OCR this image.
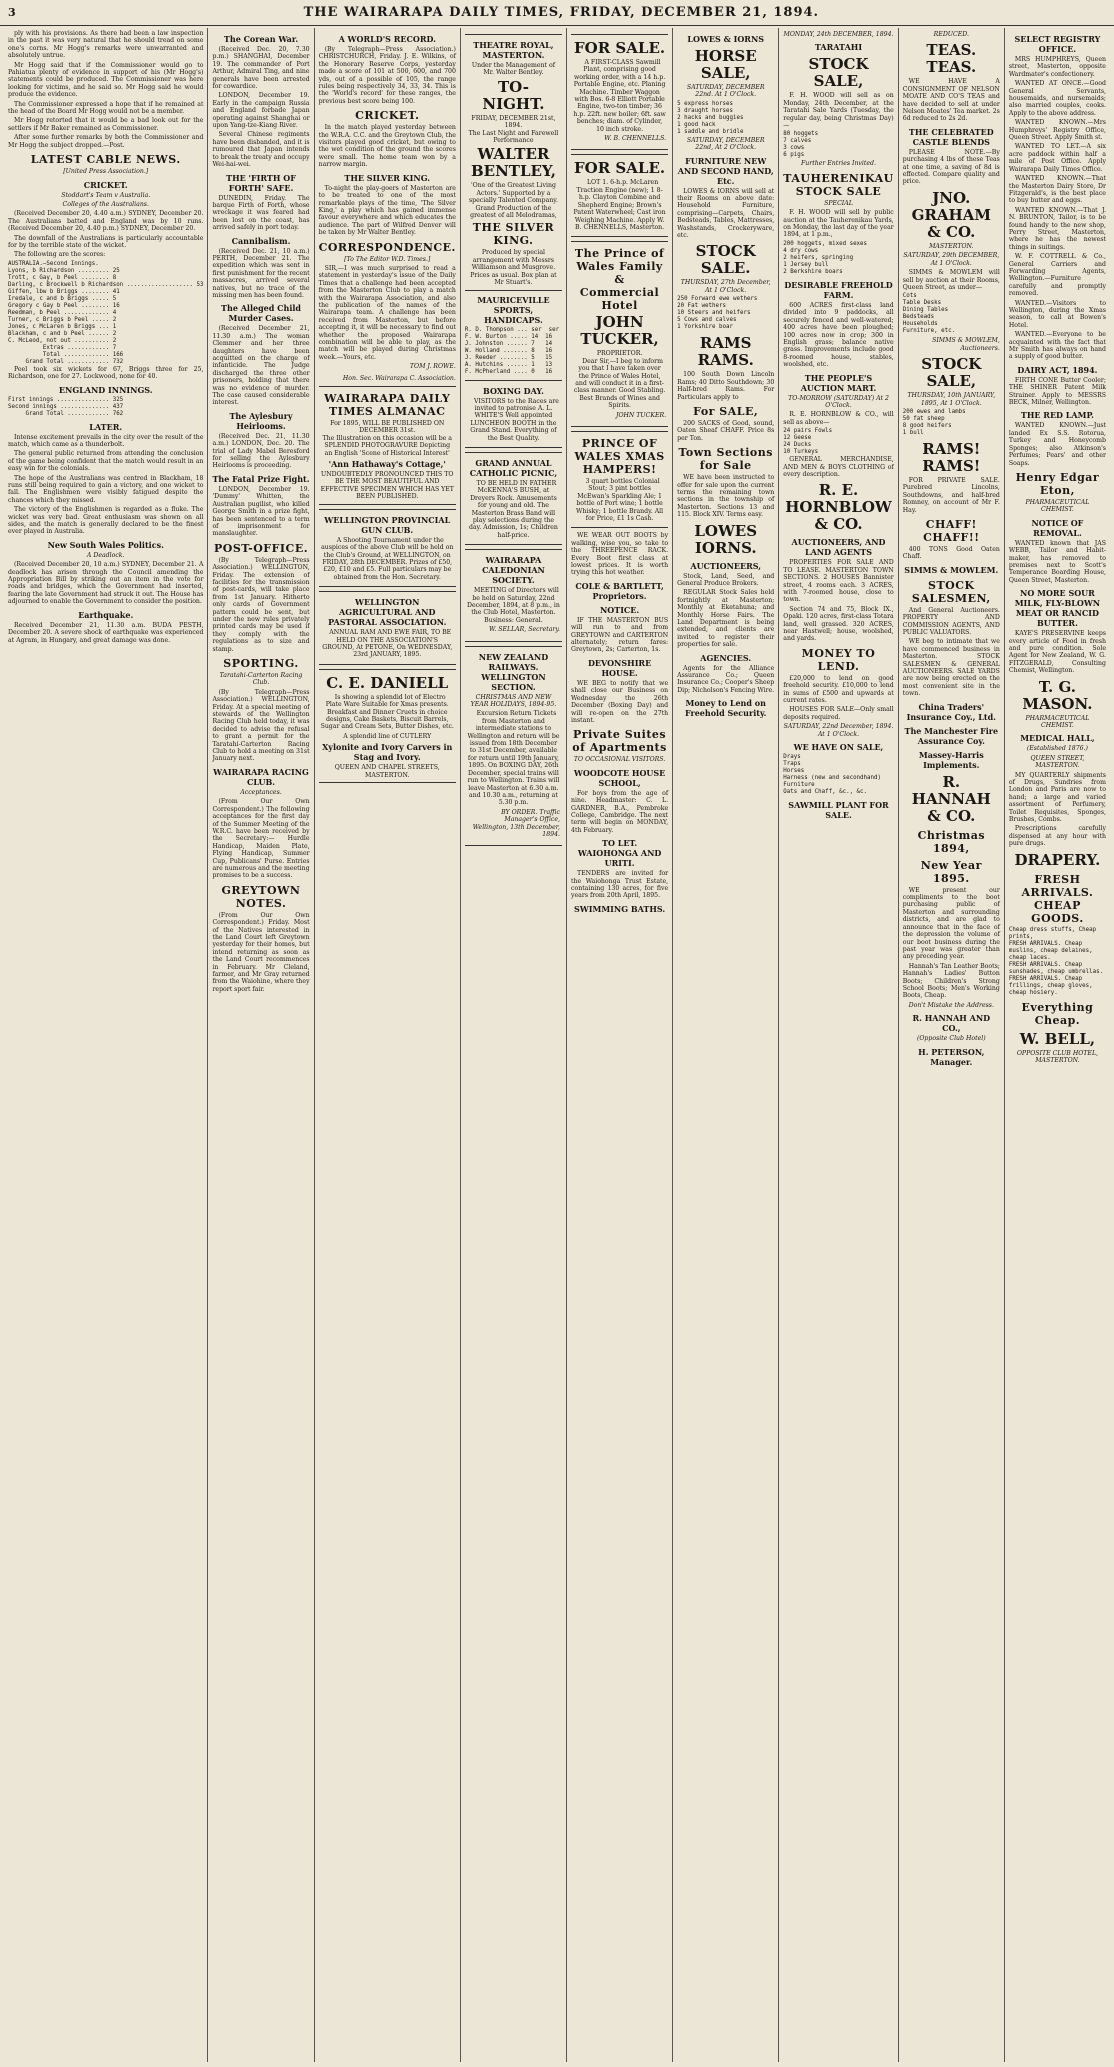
3	THE WAIRARAPA DAILY TIMES, FRIDAY, DECEMBER 21, 1894.

ply with his provisions. As there had been a law inspection in the past it was very natural that he should tread on some one's corns. Mr Hogg's remarks were unwarranted and absolutely untrue.

Mr Hogg said that if the Commissioner would go to Pahiatua plenty of evidence in support of his (Mr Hogg's) statements could be produced. The Commissioner was here looking for victims, and he said so. Mr Hogg said he would produce the evidence.

The Commissioner expressed a hope that if he remained at the head of the Board Mr Hogg would not be a member.

Mr Hogg retorted that it would be a bad look out for the settlers if Mr Baker remained as Commissioner.

After some further remarks by both the Commissioner and Mr Hogg the subject dropped.—Post.

LATEST CABLE NEWS.
[United Press Association.]
CRICKET.
Stoddart's Team v Australia.
Colleges of the Australians.

(Received December 20, 4.40 a.m.) SYDNEY, December 20. The Australians batted and England was by 10 runs. (Received December 20, 4.40 p.m.) SYDNEY, December 20.

The downfall of the Australians is particularly accountable for by the terrible state of the wicket.

The following are the scores:

AUSTRALIA.—Second Innings.
Lyons, b Richardson ......... 25
Trott, c Gay, b Peel ........ 8
Darling, c Brockwell b Richardson ................... 53
Giffen, lbw b Briggs ........ 41
Iredale, c and b Briggs ..... 5
Gregory c Gay b Peel ........ 16
Reedman, b Peel ............. 4
Turner, c Briggs b Peel ..... 2
Jones, c McLaren b Briggs ... 1
Blackham, c and b Peel ...... 2
C. McLeod, not out .......... 2
Extras ............ 7
Total ............. 166
Grand Total ............ 732

Peel took six wickets for 67, Briggs three for 25, Richardson, one for 27. Lockwood, none for 40.

ENGLAND INNINGS.
First innings ............... 325
Second innings .............. 437
Grand Total ............ 762
LATER.

Intense excitement prevails in the city over the result of the match, which came as a thunderbolt.

The general public returned from attending the conclusion of the game being confident that the match would result in an easy win for the colonials.

The hope of the Australians was centred in Blackham, 18 runs still being required to gain a victory, and one wicket to fall. The Englishmen were visibly fatigued despite the chances which they missed.

The victory of the Englishmen is regarded as a fluke. The wicket was very bad. Great enthusiasm was shown on all sides, and the match is generally declared to be the finest ever played in Australia.

New South Wales Politics.
A Deadlock.

(Received December 20, 10 a.m.) SYDNEY, December 21. A deadlock has arisen through the Council amending the Appropriation Bill by striking out an item in the vote for roads and bridges, which the Government had inserted, fearing the late Government had struck it out. The House has adjourned to enable the Government to consider the position.

Earthquake.

Received December 21, 11.30 a.m. BUDA PESTH, December 20. A severe shock of earthquake was experienced at Agram, in Hungary, and great damage was done.

The Corean War.

(Received Dec. 20, 7.30 p.m.) SHANGHAI, December 19. The commander of Port Arthur, Admiral Ting, and nine generals have been arrested for cowardice.

LONDON, December 19. Early in the campaign Russia and England forbade Japan operating against Shanghai or upon Yang-tze-Kiang River.

Several Chinese regiments have been disbanded, and it is rumoured that Japan intends to break the treaty and occupy Wei-hai-wei.

THE 'FIRTH OF FORTH' SAFE.

DUNEDIN, Friday. The barque Firth of Forth, whose wreckage it was feared had been lost on the coast, has arrived safely in port today.

Cannibalism.

(Received Dec. 21, 10 a.m.) PERTH, December 21. The expedition which was sent in first punishment for the recent massacres, arrived several natives, but no trace of the missing men has been found.

The Alleged Child Murder Cases.

(Received December 21, 11.30 a.m.) The woman Clemmer and her three daughters have been acquitted on the charge of infanticide. The Judge discharged the three other prisoners, holding that there was no evidence of murder. The case caused considerable interest.

The Aylesbury Heirlooms.

(Received Dec. 21, 11.30 a.m.) LONDON, Dec. 20. The trial of Lady Mabel Beresford for selling the Aylesbury Heirlooms is proceeding.

The Fatal Prize Fight.

LONDON, December 19. 'Dummy' Whitten, the Australian pugilist, who killed George Smith in a prize fight, has been sentenced to a term of imprisonment for manslaughter.

POST-OFFICE.

(By Telegraph—Press Association.) WELLINGTON, Friday. The extension of facilities for the transmission of post-cards, will take place from 1st January. Hitherto only cards of Government pattern could be sent, but under the new rules privately printed cards may be used if they comply with the regulations as to size and stamp.

SPORTING.
Taratahi-Carterton Racing Club.

(By Telegraph—Press Association.) WELLINGTON, Friday. At a special meeting of stewards of the Wellington Racing Club held today, it was decided to advise the refusal to grant a permit for the Taratahi-Carterton Racing Club to hold a meeting on 31st January next.

WAIRARAPA RACING CLUB.
Acceptances.

(From Our Own Correspondent.) The following acceptances for the first day of the Summer Meeting of the W.R.C. have been received by the Secretary:— Hurdle Handicap, Maiden Plate, Flying Handicap, Summer Cup, Publicans' Purse. Entries are numerous and the meeting promises to be a success.

GREYTOWN NOTES.

(From Our Own Correspondent.) Friday. Most of the Natives interested in the Land Court left Greytown yesterday for their homes, but intend returning as soon as the Land Court recommences in February. Mr Cleland, farmer, and Mr Gray returned from the Waiohine, where they report sport fair.

A WORLD'S RECORD.

(By Telegraph—Press Association.) CHRISTCHURCH, Friday. J. E. Wilkins, of the Honorary Reserve Corps, yesterday made a score of 101 at 500, 600, and 700 yds, out of a possible of 105, the range rules being respectively 34, 33, 34. This is the 'World's record' for these ranges, the previous best score being 100.

CRICKET.

In the match played yesterday between the W.R.A. C.C. and the Greytown Club, the visitors played good cricket, but owing to the wet condition of the ground the scores were small. The home team won by a narrow margin.

THE SILVER KING.

To-night the play-goers of Masterton are to be treated to one of the most remarkable plays of the time, 'The Silver King,' a play which has gained immense favour everywhere and which educates the audience. The part of Wilfred Denver will be taken by Mr Walter Bentley.

CORRESPONDENCE.
[To The Editor W.D. Times.]

SIR,—I was much surprised to read a statement in yesterday's issue of the Daily Times that a challenge had been accepted from the Masterton Club to play a match with the Wairarapa Association, and also the publication of the names of the Wairarapa team. A challenge has been received from Masterton, but before accepting it, it will be necessary to find out whether the proposed Wairarapa combination will be able to play, as the match will be played during Christmas week.—Yours, etc.

TOM J. ROWE.
Hon. Sec. Wairarapa C. Association.
WAIRARAPA DAILY TIMES ALMANAC
For 1895, WILL BE PUBLISHED ON DECEMBER 31st.
The Illustration on this occasion will be a SPLENDID PHOTOGRAVURE Depicting an English 'Scene of Historical Interest'
'Ann Hathaway's Cottage,'
UNDOUBTEDLY PRONOUNCED THIS TO BE THE MOST BEAUTIFUL AND EFFECTIVE SPECIMEN WHICH HAS YET BEEN PUBLISHED.
WELLINGTON PROVINCIAL GUN CLUB.

A Shooting Tournament under the auspices of the above Club will be held on the Club's Ground, at WELLINGTON, on FRIDAY, 28th DECEMBER. Prizes of £50, £20, £10 and £5. Full particulars may be obtained from the Hon. Secretary.

WELLINGTON AGRICULTURAL AND PASTORAL ASSOCIATION.

ANNUAL RAM AND EWE FAIR, TO BE HELD ON THE ASSOCIATION'S GROUND, At PETONE, On WEDNESDAY, 23rd JANUARY, 1895.

C. E. DANIELL

Is showing a splendid lot of Electro Plate Ware Suitable for Xmas presents. Breakfast and Dinner Cruets in choice designs, Cake Baskets, Biscuit Barrels, Sugar and Cream Sets, Butter Dishes, etc.

A splendid line of CUTLERY
Xylonite and Ivory Carvers in Stag and Ivory.
QUEEN AND CHAPEL STREETS, MASTERTON.
THEATRE ROYAL, MASTERTON.
Under the Management of Mr. Walter Bentley.
TO-NIGHT.
FRIDAY, DECEMBER 21st, 1894.
The Last Night and Farewell Performance
WALTER BENTLEY,
'One of the Greatest Living Actors.' Supported by a specially Talented Company. Grand Production of the greatest of all Melodramas,
THE SILVER KING.
Produced by special arrangement with Messrs Williamson and Musgrove. Prices as usual. Box plan at Mr Stuart's.
MAURICEVILLE SPORTS, HANDICAPS.
R. D. Thompson ... ser  ser
F. W. Burton ..... 14  16
J. Johnston ...... 7   14
W. Holland ....... 8   16
J. Reeder ........ 5   15
A. Hutchins ...... 1   13
F. McPherland .... 0   16
BOXING DAY.

VISITORS to the Races are invited to patronise A. L. WHITE'S Well appointed LUNCHEON BOOTH in the Grand Stand. Everything of the Best Quality.

GRAND ANNUAL CATHOLIC PICNIC,

TO BE HELD IN FATHER McKENNA'S BUSH, at Dreyers Rock. Amusements for young and old. The Masterton Brass Band will play selections during the day. Admission, 1s; Children half-price.

WAIRARAPA CALEDONIAN SOCIETY.

MEETING of Directors will be held on Saturday, 22nd December, 1894, at 8 p.m., in the Club Hotel, Masterton. Business: General.

W. SELLAR, Secretary.
NEW ZEALAND RAILWAYS. WELLINGTON SECTION.
CHRISTMAS AND NEW YEAR HOLIDAYS, 1894-95.

Excursion Return Tickets from Masterton and intermediate stations to Wellington and return will be issued from 18th December to 31st December, available for return until 19th January, 1895. On BOXING DAY, 26th December, special trains will run to Wellington. Trains will leave Masterton at 6.30 a.m. and 10.30 a.m., returning at 5.30 p.m.

BY ORDER. Traffic Manager's Office, Wellington, 13th December, 1894.
FOR SALE.

A FIRST-CLASS Sawmill Plant, comprising good working order, with a 14 h.p. Portable Engine, etc. Planing Machine. Timber Waggon with Bos. 6-8 Elliott Portable Engine, two-ton timber; 36 h.p. 22ft. new boiler; 6ft. saw benches; diam. of Cylinder, 10 inch stroke.

W. B. CHENNELLS.
FOR SALE.

LOT 1. 6-h.p. McLaren Traction Engine (new); 1 8-h.p. Clayton Combine and Shepherd Engine; Brown's Patent Waterwheel; Cast iron Weighing Machine. Apply W. B. CHENNELLS, Masterton.

The Prince of Wales Family & Commercial Hotel
JOHN TUCKER,
PROPRIETOR.

Dear Sir,—I beg to inform you that I have taken over the Prince of Wales Hotel, and will conduct it in a first-class manner. Good Stabling. Best Brands of Wines and Spirits.

JOHN TUCKER.
PRINCE OF WALES XMAS HAMPERS!

3 quart bottles Colonial Stout; 3 pint bottles McEwan's Sparkling Ale; 1 bottle of Port wine; 1 bottle Whisky; 1 bottle Brandy. All for Price, £1 1s Cash.

WE WEAR OUT BOOTS by walking, wise you, so take to the THREEPENCE RACK. Every Boot first class at lowest prices. It is worth trying this hot weather.

COLE & BARTLETT, Proprietors.
NOTICE.

IF THE MASTERTON BUS will run to and from GREYTOWN and CARTERTON alternately; return fares: Greytown, 2s; Carterton, 1s.

DEVONSHIRE HOUSE.

WE BEG to notify that we shall close our Business on Wednesday the 26th December (Boxing Day) and will re-open on the 27th instant.

Private Suites of Apartments
TO OCCASIONAL VISITORS.
WOODCOTE HOUSE SCHOOL,

For boys from the age of nine. Headmaster: C. L. GARDNER, B.A., Pembroke College, Cambridge. The next term will begin on MONDAY, 4th February.

TO LET. WAIOHONGA AND URITI.

TENDERS are invited for the Waiohonga Trust Estate, containing 130 acres, for five years from 20th April, 1895.

SWIMMING BATHS.
LOWES & IORNS
HORSE SALE,
SATURDAY, DECEMBER 22nd. At 1 O'Clock.
5 express horses
3 draught horses
2 hacks and buggies
1 good hack
1 saddle and bridle
SATURDAY, DECEMBER 22nd, At 2 O'Clock.
FURNITURE NEW AND SECOND HAND, Etc.

LOWES & IORNS will sell at their Rooms on above date: Household Furniture, comprising—Carpets, Chairs, Bedsteads, Tables, Mattresses, Washstands, Crockeryware, etc.

STOCK SALE.
THURSDAY, 27th December, At 1 O'Clock.
250 Forward ewe wethers
20 Fat wethers
10 Steers and heifers
5 Cows and calves
1 Yorkshire boar
RAMS RAMS.

100 South Down Lincoln Rams; 40 Ditto Southdown; 30 Half-bred Rams. For Particulars apply to

For SALE,

200 SACKS of Good, sound, Oaten Sheaf CHAFF. Price 8s per Ton.

Town Sections for Sale

WE have been instructed to offer for sale upon the current terms the remaining town sections in the township of Masterton. Sections 13 and 115. Block XIV. Terms easy.

LOWES IORNS.
AUCTIONEERS,

Stock, Land, Seed, and General Produce Brokers.

REGULAR Stock Sales held fortnightly at Masterton; Monthly at Eketahuna; and Monthly Horse Fairs. The Land Department is being extended, and clients are invited to register their properties for sale.

AGENCIES.

Agents for the Alliance Assurance Co.; Queen Insurance Co.; Cooper's Sheep Dip; Nicholson's Fencing Wire.

Money to Lend on Freehold Security.
MONDAY, 24th DECEMBER, 1894.
TARATAHI
STOCK SALE,

F. H. WOOD will sell as on Monday, 24th December, at the Taratahi Sale Yards (Tuesday, the regular day, being Christmas Day)—

80 hoggets
7 calves
3 cows
6 pigs
Further Entries Invited.
TAUHERENIKAU STOCK SALE
SPECIAL

F. H. WOOD will sell by public auction at the Tauherenikau Yards, on Monday, the last day of the year 1894, at 1 p.m.,

200 hoggets, mixed sexes
4 dry cows
2 heifers, springing
1 Jersey bull
2 Berkshire boars
DESIRABLE FREEHOLD FARM.

600 ACRES first-class land divided into 9 paddocks, all securely fenced and well-watered; 400 acres have been ploughed; 100 acres now in crop; 300 in English grass; balance native grass. Improvements include good 8-roomed house, stables, woolshed, etc.

THE PEOPLE'S AUCTION MART.
TO-MORROW (SATURDAY) At 2 O'Clock.

R. E. HORNBLOW & CO., will sell as above—

24 pairs Fowls
12 Geese
24 Ducks
10 Turkeys

GENERAL MERCHANDISE, AND MEN & BOYS CLOTHING of every description.

R. E. HORNBLOW & CO.
AUCTIONEERS, AND LAND AGENTS

PROPERTIES FOR SALE AND TO LEASE. MASTERTON TOWN SECTIONS. 2 HOUSES Bannister street, 4 rooms each. 3 ACRES, with 7-roomed house, close to town.

Section 74 and 75, Block IX., Opaki. 120 acres, first-class Totara land, well grassed. 320 ACRES, near Hastwell; house, woolshed, and yards.

MONEY TO LEND.

£20,000 to lend on good freehold security. £10,000 to lend in sums of £500 and upwards at current rates.

HOUSES FOR SALE—Only small deposits required.

SATURDAY, 22nd December, 1894. At 1 O'Clock.
WE HAVE ON SALE,
Drays
Traps
Horses
Harness (new and secondhand)
Furniture
Oats and Chaff, &c., &c.
SAWMILL PLANT FOR SALE.
REDUCED.
TEAS. TEAS.

WE HAVE A CONSIGNMENT OF NELSON MOATE AND CO'S TEAS and have decided to sell at under Nelson Moates' Tea market. 2s 6d reduced to 2s 2d.

THE CELEBRATED CASTLE BLENDS

PLEASE NOTE.—By purchasing 4 lbs of these Teas at one time, a saving of 8d is effected. Compare quality and price.

JNO. GRAHAM & CO.
MASTERTON.
SATURDAY, 29th DECEMBER, At 1 O'Clock.

SIMMS & MOWLEM will sell by auction at their Rooms, Queen Street, as under—

Cots
Table Desks
Dining Tables
Bedsteads
Households
Furniture, etc.
SIMMS & MOWLEM, Auctioneers.
STOCK SALE,
THURSDAY, 10th JANUARY, 1895, At 1 O'Clock.
200 ewes and lambs
50 fat sheep
8 good heifers
1 bull
RAMS! RAMS!

FOR PRIVATE SALE. Purebred Lincolns, Southdowns, and half-bred Romney, on account of Mr F. Hay.

CHAFF! CHAFF!!

400 TONS Good Oaten Chaff.

SIMMS & MOWLEM.
STOCK SALESMEN,

And General Auctioneers. PROPERTY AND COMMISSION AGENTS, AND PUBLIC VALUATORS.

WE beg to intimate that we have commenced business in Masterton. STOCK SALESMEN & GENERAL AUCTIONEERS. SALE YARDS are now being erected on the most convenient site in the town.

China Traders' Insurance Coy., Ltd.
The Manchester Fire Assurance Coy.
Massey-Harris Implements.
R. HANNAH & CO.
Christmas 1894,
New Year 1895.

WE present our compliments to the boot purchasing public of Masterton and surrounding districts, and are glad to announce that in the face of the depression the volume of our boot business during the past year was greater than any preceding year.

Hannah's Tan Leather Boots; Hannah's Ladies' Button Boots; Children's Strong School Boots; Men's Working Boots, Cheap.

Don't Mistake the Address.
R. HANNAH AND CO.,
(Opposite Club Hotel)
H. PETERSON, Manager.
SELECT REGISTRY OFFICE.

MRS HUMPHREYS, Queen street, Masterton, opposite Wardmater's confectionery.

WANTED AT ONCE.—Good General Servants, housemaids, and nursemaids; also married couples, cooks. Apply to the above address.

WANTED KNOWN.—Mrs Humphreys' Registry Office, Queen Street. Apply Smith st.

WANTED TO LET.—A six acre paddock within half a mile of Post Office. Apply Wairarapa Daily Times Office.

WANTED KNOWN.—That the Masterton Dairy Store, Dr Fitzgerald's, is the best place to buy butter and eggs.

WANTED KNOWN.—That J. N. BRUNTON, Tailor, is to be found handy to the new shop, Perry Street, Masterton, where he has the newest things in suitings.

W. F. COTTRELL & Co., General Carriers and Forwarding Agents, Wellington.—Furniture carefully and promptly removed.

WANTED.—Visitors to Wellington, during the Xmas season, to call at Bowen's Hotel.

WANTED.—Everyone to be acquainted with the fact that Mr Smith has always on hand a supply of good butter.

DAIRY ACT, 1894.

FIRTH CONE Butter Cooler; THE SHINER Patent Milk Strainer. Apply to MESSRS BECK, Milner, Wellington.

THE RED LAMP.

WANTED KNOWN.—Just landed Ex S.S. Rotorua, Turkey and Honeycomb Sponges; also Atkinson's Perfumes; Pears' and other Soaps.

Henry Edgar Eton,
PHARMACEUTICAL CHEMIST.
NOTICE OF REMOVAL.

WANTED known that JAS WEBB, Tailor and Habit-maker, has removed to premises next to Scott's Temperance Boarding House, Queen Street, Masterton.

NO MORE SOUR MILK, FLY-BLOWN MEAT OR RANCID BUTTER.

KAYE'S PRESERVINE keeps every article of Food in fresh and pure condition. Sole Agent for New Zealand, W. G. FITZGERALD, Consulting Chemist, Wellington.

T. G. MASON.
PHARMACEUTICAL CHEMIST.
MEDICAL HALL,
(Established 1876.)
QUEEN STREET, MASTERTON.

MY QUARTERLY shipments of Drugs, Sundries from London and Paris are now to hand; a large and varied assortment of Perfumery, Toilet Requisites, Sponges, Brushes, Combs.

Prescriptions carefully dispensed at any hour with pure drugs.

DRAPERY.
FRESH ARRIVALS. CHEAP GOODS.
Cheap dress stuffs, Cheap prints,
FRESH ARRIVALS. Cheap muslins, cheap delaines, cheap laces.
FRESH ARRIVALS. Cheap sunshades, cheap umbrellas.
FRESH ARRIVALS. Cheap frillings, cheap gloves, cheap hosiery.
Everything Cheap.
W. BELL,
OPPOSITE CLUB HOTEL, MASTERTON.
